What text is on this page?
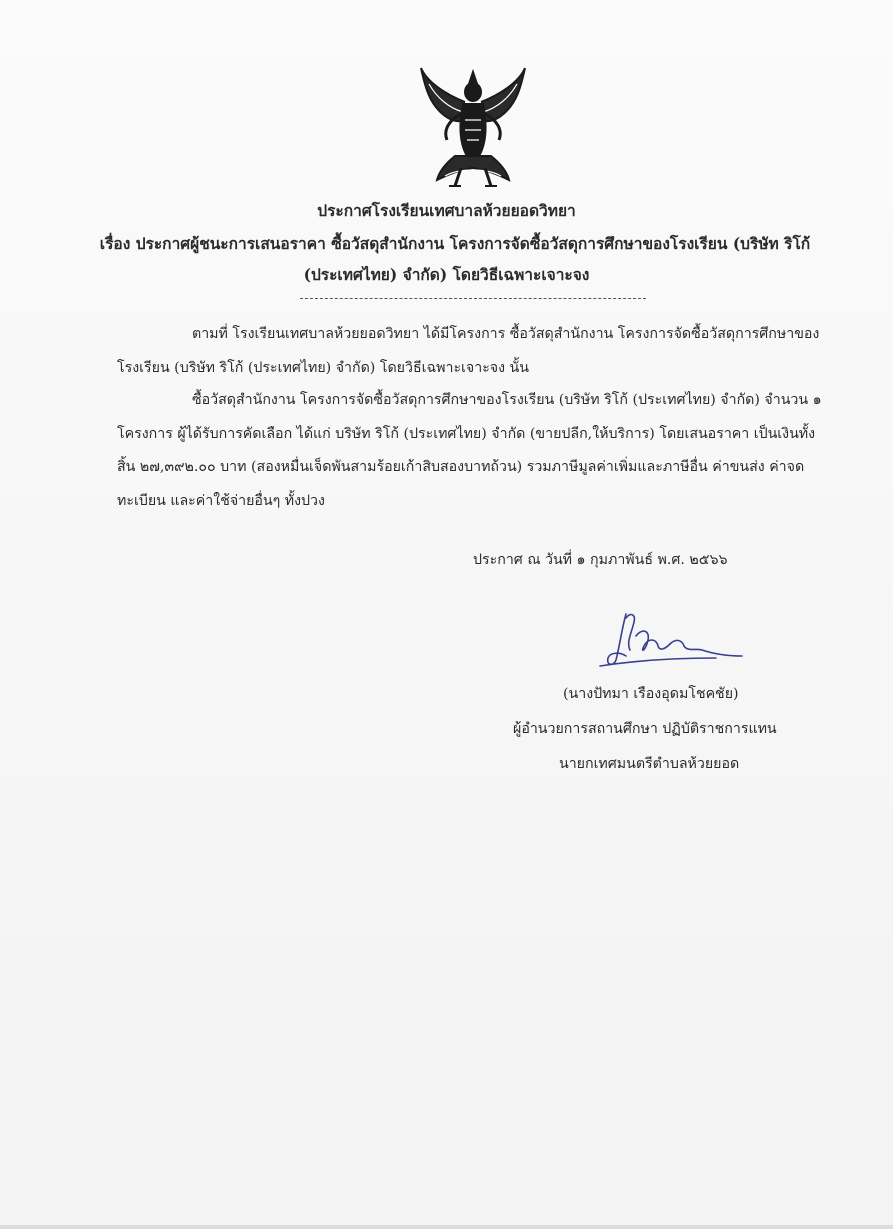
ประกาศโรงเรียนเทศบาลห้วยยอดวิทยา
เรื่อง ประกาศผู้ชนะการเสนอราคา ซื้อวัสดุสำนักงาน โครงการจัดซื้อวัสดุการศึกษาของโรงเรียน (บริษัท ริโก้
(ประเทศไทย) จำกัด) โดยวิธีเฉพาะเจาะจง
ตามที่ โรงเรียนเทศบาลห้วยยอดวิทยา ได้มีโครงการ ซื้อวัสดุสำนักงาน โครงการจัดซื้อวัสดุการศึกษาของ
โรงเรียน (บริษัท ริโก้ (ประเทศไทย) จำกัด) โดยวิธีเฉพาะเจาะจง นั้น
ซื้อวัสดุสำนักงาน โครงการจัดซื้อวัสดุการศึกษาของโรงเรียน (บริษัท ริโก้ (ประเทศไทย) จำกัด) จำนวน ๑
โครงการ ผู้ได้รับการคัดเลือก ได้แก่ บริษัท ริโก้ (ประเทศไทย) จำกัด (ขายปลีก,ให้บริการ) โดยเสนอราคา เป็นเงินทั้ง
สิ้น ๒๗,๓๙๒.๐๐ บาท (สองหมื่นเจ็ดพันสามร้อยเก้าสิบสองบาทถ้วน) รวมภาษีมูลค่าเพิ่มและภาษีอื่น ค่าขนส่ง ค่าจด
ทะเบียน และค่าใช้จ่ายอื่นๆ ทั้งปวง
ประกาศ ณ วันที่ ๑ กุมภาพันธ์ พ.ศ. ๒๕๖๖
(นางปัทมา เรืองอุดมโชคชัย)
ผู้อำนวยการสถานศึกษา ปฏิบัติราชการแทน
นายกเทศมนตรีตำบลห้วยยอด
